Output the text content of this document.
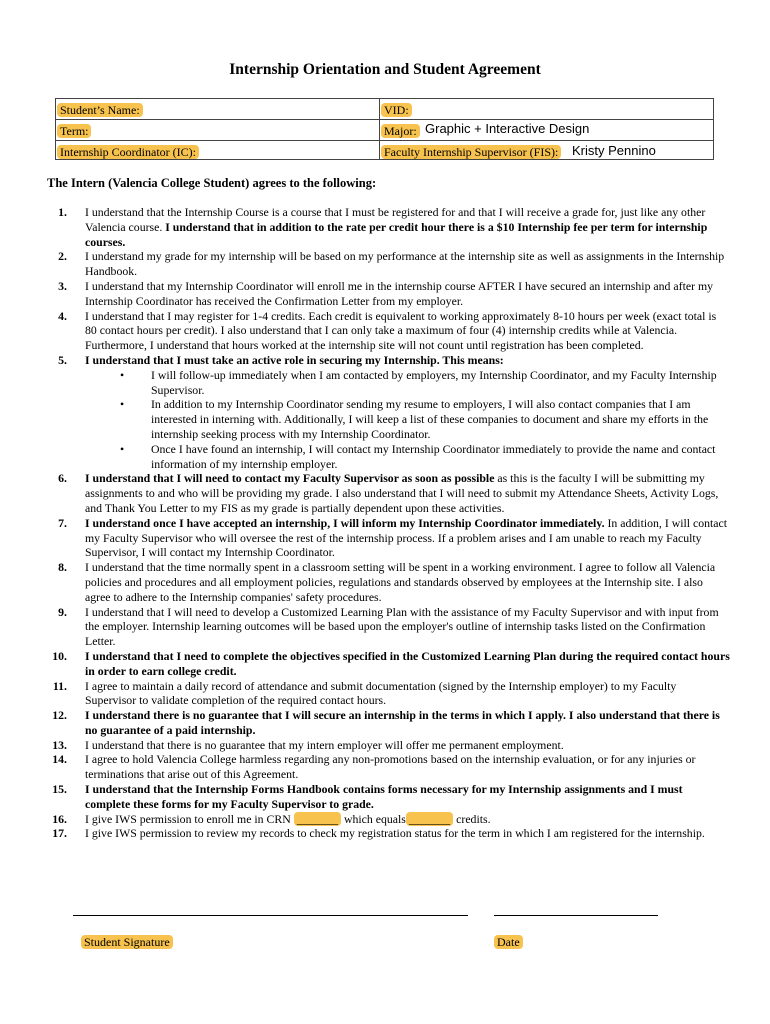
Internship Orientation and Student Agreement
Student’s Name:	VID:
Term:	Major: Graphic + Interactive Design
Internship Coordinator (IC):	Faculty Internship Supervisor (FIS): Kristy Pennino
The Intern (Valencia College Student) agrees to the following:
1. I understand that the Internship Course is a course that I must be registered for and that I will receive a grade for, just like any other Valencia course. I understand that in addition to the rate per credit hour there is a $10 Internship fee per term for internship courses.
2. I understand my grade for my internship will be based on my performance at the internship site as well as assignments in the Internship Handbook.
3. I understand that my Internship Coordinator will enroll me in the internship course AFTER I have secured an internship and after my Internship Coordinator has received the Confirmation Letter from my employer.
4. I understand that I may register for 1-4 credits. Each credit is equivalent to working approximately 8-10 hours per week (exact total is 80 contact hours per credit). I also understand that I can only take a maximum of four (4) internship credits while at Valencia. Furthermore, I understand that hours worked at the internship site will not count until registration has been completed.
5. I understand that I must take an active role in securing my Internship. This means:
• I will follow-up immediately when I am contacted by employers, my Internship Coordinator, and my Faculty Internship Supervisor.
• In addition to my Internship Coordinator sending my resume to employers, I will also contact companies that I am interested in interning with. Additionally, I will keep a list of these companies to document and share my efforts in the internship seeking process with my Internship Coordinator.
• Once I have found an internship, I will contact my Internship Coordinator immediately to provide the name and contact information of my internship employer.
6. I understand that I will need to contact my Faculty Supervisor as soon as possible as this is the faculty I will be submitting my assignments to and who will be providing my grade. I also understand that I will need to submit my Attendance Sheets, Activity Logs, and Thank You Letter to my FIS as my grade is partially dependent upon these activities.
7. I understand once I have accepted an internship, I will inform my Internship Coordinator immediately. In addition, I will contact my Faculty Supervisor who will oversee the rest of the internship process. If a problem arises and I am unable to reach my Faculty Supervisor, I will contact my Internship Coordinator.
8. I understand that the time normally spent in a classroom setting will be spent in a working environment. I agree to follow all Valencia policies and procedures and all employment policies, regulations and standards observed by employees at the Internship site. I also agree to adhere to the Internship companies' safety procedures.
9. I understand that I will need to develop a Customized Learning Plan with the assistance of my Faculty Supervisor and with input from the employer. Internship learning outcomes will be based upon the employer's outline of internship tasks listed on the Confirmation Letter.
10. I understand that I need to complete the objectives specified in the Customized Learning Plan during the required contact hours in order to earn college credit.
11. I agree to maintain a daily record of attendance and submit documentation (signed by the Internship employer) to my Faculty Supervisor to validate completion of the required contact hours.
12. I understand there is no guarantee that I will secure an internship in the terms in which I apply. I also understand that there is no guarantee of a paid internship.
13. I understand that there is no guarantee that my intern employer will offer me permanent employment.
14. I agree to hold Valencia College harmless regarding any non-promotions based on the internship evaluation, or for any injuries or terminations that arise out of this Agreement.
15. I understand that the Internship Forms Handbook contains forms necessary for my Internship assignments and I must complete these forms for my Faculty Supervisor to grade.
16. I give IWS permission to enroll me in CRN _______ which equals _______ credits.
17. I give IWS permission to review my records to check my registration status for the term in which I am registered for the internship.
Student Signature	Date
